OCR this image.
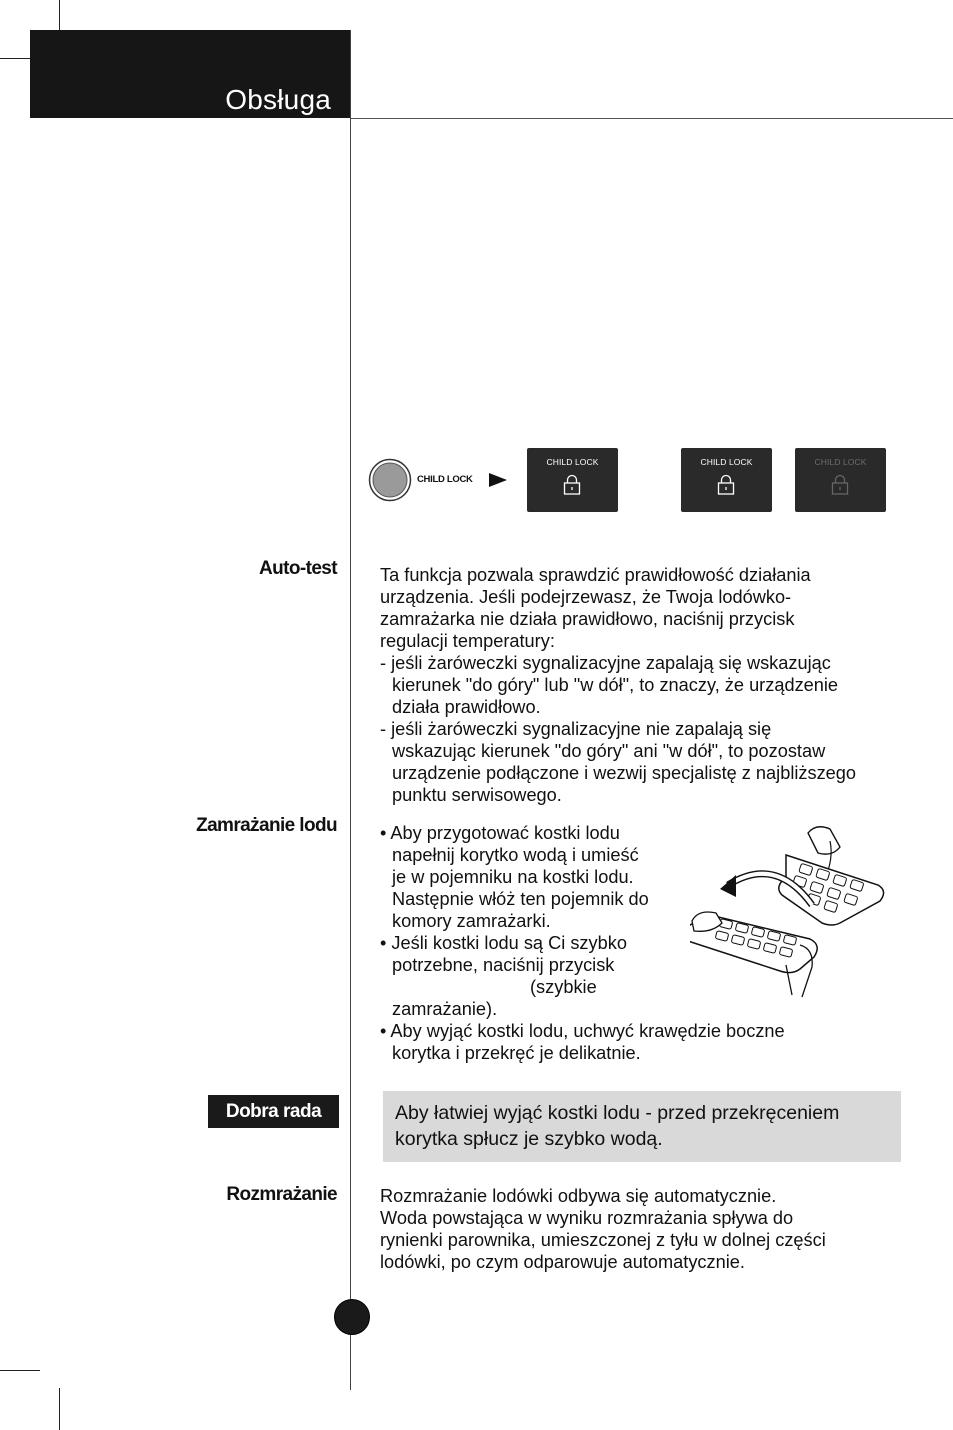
Obsługa
CHILD LOCK
CHILD LOCK	CHILD LOCK	CHILD LOCK
Auto-test Ta funkcja pozwala sprawdzić prawidłowość działania

urządzenia. Jeśli podejrzewasz, że Twoja lodówko-

zamrażarka nie działa prawidłowo, naciśnij przycisk

regulacji temperatury:

- jeśli żaróweczki sygnalizacyjne zapalają się wskazując

kierunek "do góry" lub "w dół", to znaczy, że urządzenie

działa prawidłowo.

- jeśli żaróweczki sygnalizacyjne nie zapalają się

wskazując kierunek "do góry" ani "w dół", to pozostaw

urządzenie podłączone i wezwij specjalistę z najbliższego

punktu serwisowego.

Zamrażanie lodu • Aby przygotować kostki lodu

napełnij korytko wodą i umieść

je w pojemniku na kostki lodu.

Następnie włóż ten pojemnik do

komory zamrażarki.

• Jeśli kostki lodu są Ci szybko

potrzebne, naciśnij przycisk

(szybkie

zamrażanie).

• Aby wyjąć kostki lodu, uchwyć krawędzie boczne

korytka i przekręć je delikatnie.

Dobra rada	Aby łatwiej wyjąć kostki lodu - przed przekręceniem
korytka spłucz je szybko wodą.
Rozmrażanie Rozmrażanie lodówki odbywa się automatycznie.

Woda powstająca w wyniku rozmrażania spływa do

rynienki parownika, umieszczonej z tyłu w dolnej części

lodówki, po czym odparowuje automatycznie.
